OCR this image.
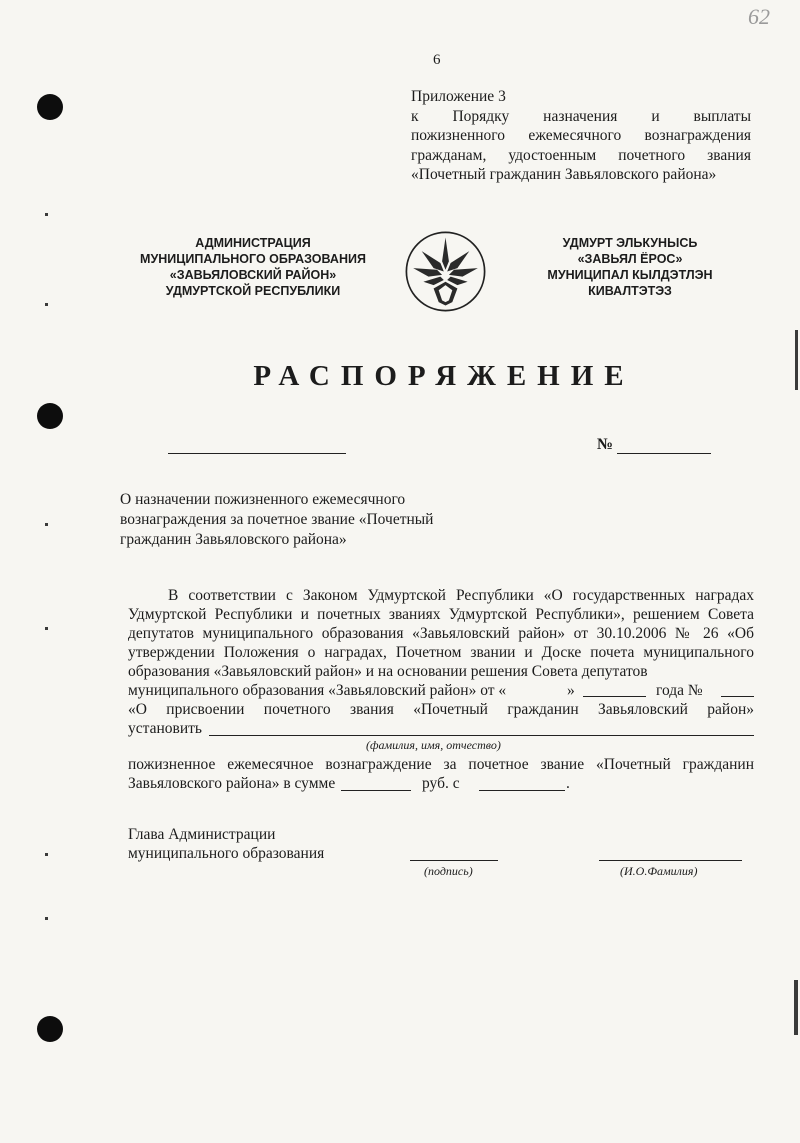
62
6
Приложение 3
к Порядку назначения и выплаты
пожизненного ежемесячного вознаграждения
гражданам, удостоенным почетного звания
«Почетный гражданин Завьяловского района»
АДМИНИСТРАЦИЯ
МУНИЦИПАЛЬНОГО ОБРАЗОВАНИЯ
«ЗАВЬЯЛОВСКИЙ РАЙОН»
УДМУРТСКОЙ РЕСПУБЛИКИ
УДМУРТ ЭЛЬКУНЫСЬ
«ЗАВЬЯЛ ЁРОС»
МУНИЦИПАЛ КЫЛДЭТЛЭН
КИВАЛТЭТЭЗ
РАСПОРЯЖЕНИЕ
№
О назначении пожизненного ежемесячного
вознаграждения за почетное звание «Почетный
гражданин Завьяловского района»

В соответствии с Законом Удмуртской Республики «О государственных наградах Удмуртской Республики и почетных званиях Удмуртской Республики», решением Совета депутатов муниципального образования «Завьяловский район» от 30.10.2006 № 26 «Об утверждении Положения о наградах, Почетном звании и Доске почета муниципального образования «Завьяловский район» и на основании решения Совета депутатов

муниципального образования «Завьяловский район» от «	»	года №
«О присвоении почетного звания «Почетный гражданин Завьяловский район»
установить
(фамилия, имя, отчество)
пожизненное ежемесячное вознаграждение за почетное звание «Почетный гражданин
Завьяловского района» в сумме	руб. с	.
Глава Администрации
муниципального образования
(подпись)	(И.О.Фамилия)
